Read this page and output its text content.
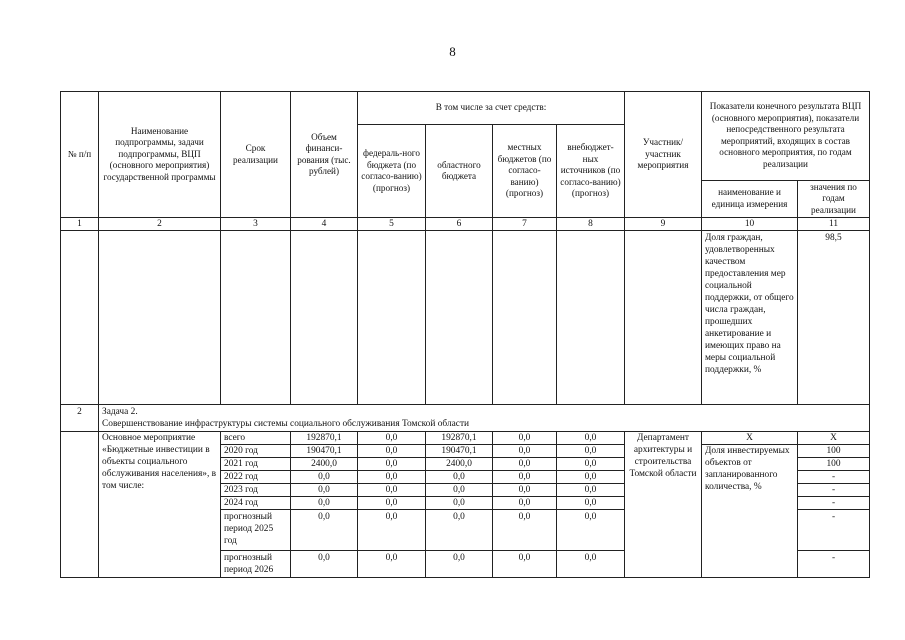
8
№ п/п	Наименование подпрограммы, задачи подпрограммы, ВЦП (основного мероприятия) государственной программы	Срок реализации	Объем финанси-рования (тыс. рублей)	В том числе за счет средств:				Участник/ участник мероприятия	Показатели конечного результата ВЦП (основного мероприятия), показатели непосредственного результата мероприятий, входящих в состав основного мероприятия, по годам реализации	
				федераль-ного бюджета (по согласо-ванию) (прогноз)	областного бюджета	местных бюджетов (по согласо-ванию) (прогноз)	внебюджет-ных источников (по согласо-ванию) (прогноз)			
									наименование и единица измерения	значения по годам реализации
1	2	3	4	5	6	7	8	9	10	11
									Доля граждан, удовлетворенных качеством предоставления мер социальной поддержки, от общего числа граждан, прошедших анкетирование и имеющих право на меры социальной поддержки, %	98,5
2	Задача 2.
Совершенствование инфраструктуры системы социального обслуживания Томской области									

	Основное мероприятие «Бюджетные инвестиции в объекты социального обслуживания населения», в том числе:	всего	192870,1	0,0	192870,1	0,0	0,0	Департамент архитектуры и строительства Томской области	X	X
		2020 год	190470,1	0,0	190470,1	0,0	0,0		Доля инвестируемых объектов от запланированного количества, %	100
		2021 год	2400,0	0,0	2400,0	0,0	0,0			100
		2022 год	0,0	0,0	0,0	0,0	0,0			-
		2023 год	0,0	0,0	0,0	0,0	0,0			-
		2024 год	0,0	0,0	0,0	0,0	0,0			-
		прогнозный период 2025 год	0,0	0,0	0,0	0,0	0,0			-
		прогнозный период 2026	0,0	0,0	0,0	0,0	0,0			-
